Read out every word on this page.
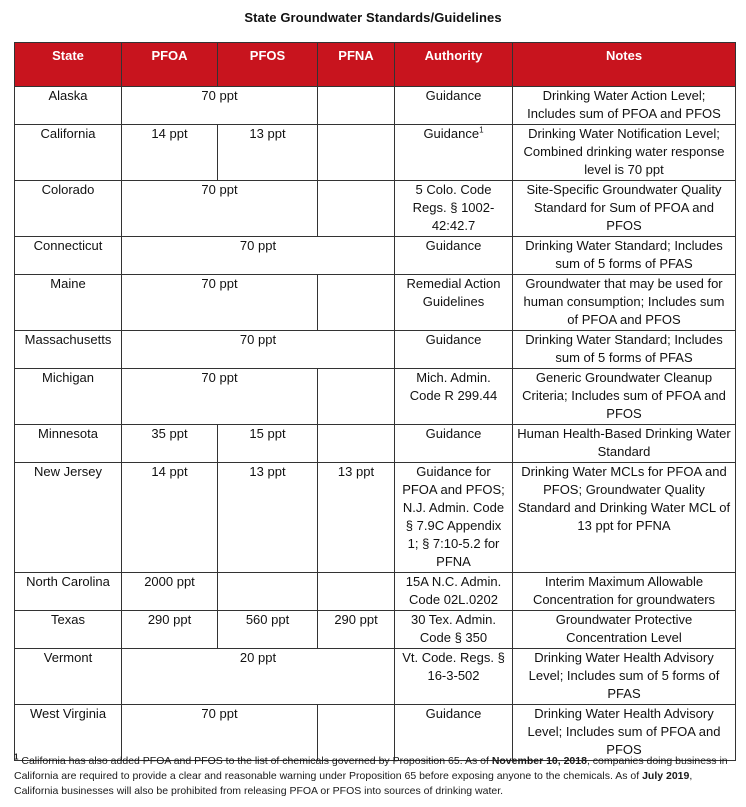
State Groundwater Standards/Guidelines
State	PFOA	PFOS	PFNA	Authority	Notes
Alaska	70 ppt			Guidance	Drinking Water Action Level; Includes sum of PFOA and PFOS
California	14 ppt	13 ppt		Guidance$^1$	Drinking Water Notification Level; Combined drinking water response level is 70 ppt
Colorado	70 ppt			5 Colo. Code Regs. § 1002-42:42.7	Site-Specific Groundwater Quality Standard for Sum of PFOA and PFOS
Connecticut	70 ppt			Guidance	Drinking Water Standard; Includes sum of 5 forms of PFAS
Maine	70 ppt			Remedial Action Guidelines	Groundwater that may be used for human consumption; Includes sum of PFOA and PFOS
Massachusetts	70 ppt			Guidance	Drinking Water Standard; Includes sum of 5 forms of PFAS
Michigan	70 ppt			Mich. Admin. Code R 299.44	Generic Groundwater Cleanup Criteria; Includes sum of PFOA and PFOS
Minnesota	35 ppt	15 ppt		Guidance	Human Health-Based Drinking Water Standard
New Jersey	14 ppt	13 ppt	13 ppt	Guidance for PFOA and PFOS; N.J. Admin. Code § 7.9C Appendix 1; § 7:10-5.2 for PFNA	Drinking Water MCLs for PFOA and PFOS; Groundwater Quality Standard and Drinking Water MCL of 13 ppt for PFNA
North Carolina	2000 ppt			15A N.C. Admin. Code 02L.0202	Interim Maximum Allowable Concentration for groundwaters
Texas	290 ppt	560 ppt	290 ppt	30 Tex. Admin. Code § 350	Groundwater Protective Concentration Level
Vermont	20 ppt			Vt. Code. Regs. § 16-3-502	Drinking Water Health Advisory Level; Includes sum of 5 forms of PFAS
West Virginia	70 ppt			Guidance	Drinking Water Health Advisory Level; Includes sum of PFOA and PFOS
$^1$ California has also added PFOA and PFOS to the list of chemicals governed by Proposition 65. As of November 10, 2018, companies doing business in California are required to provide a clear and reasonable warning under Proposition 65 before exposing anyone to the chemicals. As of July 2019, California businesses will also be prohibited from releasing PFOA or PFOS into sources of drinking water.
